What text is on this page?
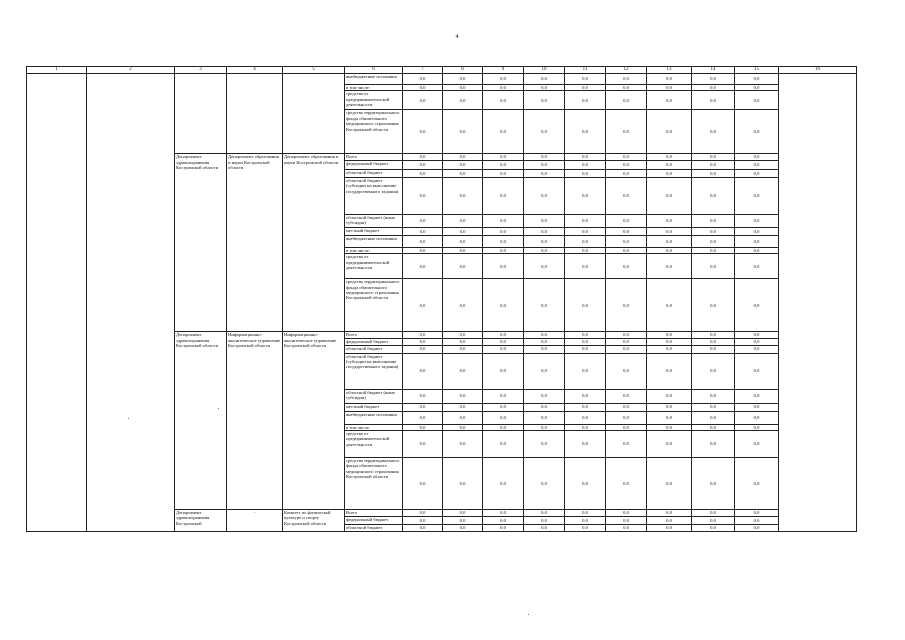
4
1	2	3	4	5	6	7	8	9	10	11	12	13	14	15	16
					внебюджетные источники	0,0	0,0	0,0	0,0	0,0	0,0	0,0	0,0	0,0	
					в том числе:	0,0	0,0	0,0	0,0	0,0	0,0	0,0	0,0	0,0	
					средства от предпринимательской деятельности	0,0	0,0	0,0	0,0	0,0	0,0	0,0	0,0	0,0	
					средства территориального фонда обязательного медицинского страхования Костромской области	0,0	0,0	0,0	0,0	0,0	0,0	0,0	0,0	0,0	
		Департамент здравоохранения Костромской области	Департамент образования и науки Костромской области	Департамент образования и науки Костромской области	Всего	0,0	0,0	0,0	0,0	0,0	0,0	0,0	0,0	0,0	
					федеральный бюджет	0,0	0,0	0,0	0,0	0,0	0,0	0,0	0,0	0,0	
					областной бюджет	0,0	0,0	0,0	0,0	0,0	0,0	0,0	0,0	0,0	
					областной бюджет (субсидии на выполнение государственного задания)	0,0	0,0	0,0	0,0	0,0	0,0	0,0	0,0	0,0	
					областной бюджет (иные субсидии)	0,0	0,0	0,0	0,0	0,0	0,0	0,0	0,0	0,0	
					местный бюджет	0,0	0,0	0,0	0,0	0,0	0,0	0,0	0,0	0,0	
					внебюджетные источники	0,0	0,0	0,0	0,0	0,0	0,0	0,0	0,0	0,0	
					в том числе:	0,0	0,0	0,0	0,0	0,0	0,0	0,0	0,0	0,0	
					средства от предпринимательской деятельности	0,0	0,0	0,0	0,0	0,0	0,0	0,0	0,0	0,0	
					средства территориального фонда обязательного медицинского страхования Костромской области	0,0	0,0	0,0	0,0	0,0	0,0	0,0	0,0	0,0	
		Департамент здравоохранения Костромской области	Информационно-аналитическое управление Костромской области	Информационно-аналитическое управление Костромской области	Всего	0,0	0,0	0,0	0,0	0,0	0,0	0,0	0,0	0,0	
					федеральный бюджет	0,0	0,0	0,0	0,0	0,0	0,0	0,0	0,0	0,0	
					областной бюджет	0,0	0,0	0,0	0,0	0,0	0,0	0,0	0,0	0,0	
					областной бюджет (субсидии на выполнение государственного задания)	0,0	0,0	0,0	0,0	0,0	0,0	0,0	0,0	0,0	
					областной бюджет (иные субсидии)	0,0	0,0	0,0	0,0	0,0	0,0	0,0	0,0	0,0	
					местный бюджет	0,0	0,0	0,0	0,0	0,0	0,0	0,0	0,0	0,0	
					внебюджетные источники	0,0	0,0	0,0	0,0	0,0	0,0	0,0	0,0	0,0	
					в том числе:	0,0	0,0	0,0	0,0	0,0	0,0	0,0	0,0	0,0	
					средства от предпринимательской деятельности	0,0	0,0	0,0	0,0	0,0	0,0	0,0	0,0	0,0	
					средства территориального фонда обязательного медицинского страхования Костромской области	0,0	0,0	0,0	0,0	0,0	0,0	0,0	0,0	0,0	
		Департамент здравоохранения Костромской	-	Комитет по физической культуре и спорту Костромской области	Всего	0,0	0,0	0,0	0,0	0,0	0,0	0,0	0,0	0,0	
					федеральный бюджет	0,0	0,0	0,0	0,0	0,0	0,0	0,0	0,0	0,0	
					областной бюджет	0,0	0,0	0,0	0,0	0,0	0,0	0,0	0,0	0,0	
